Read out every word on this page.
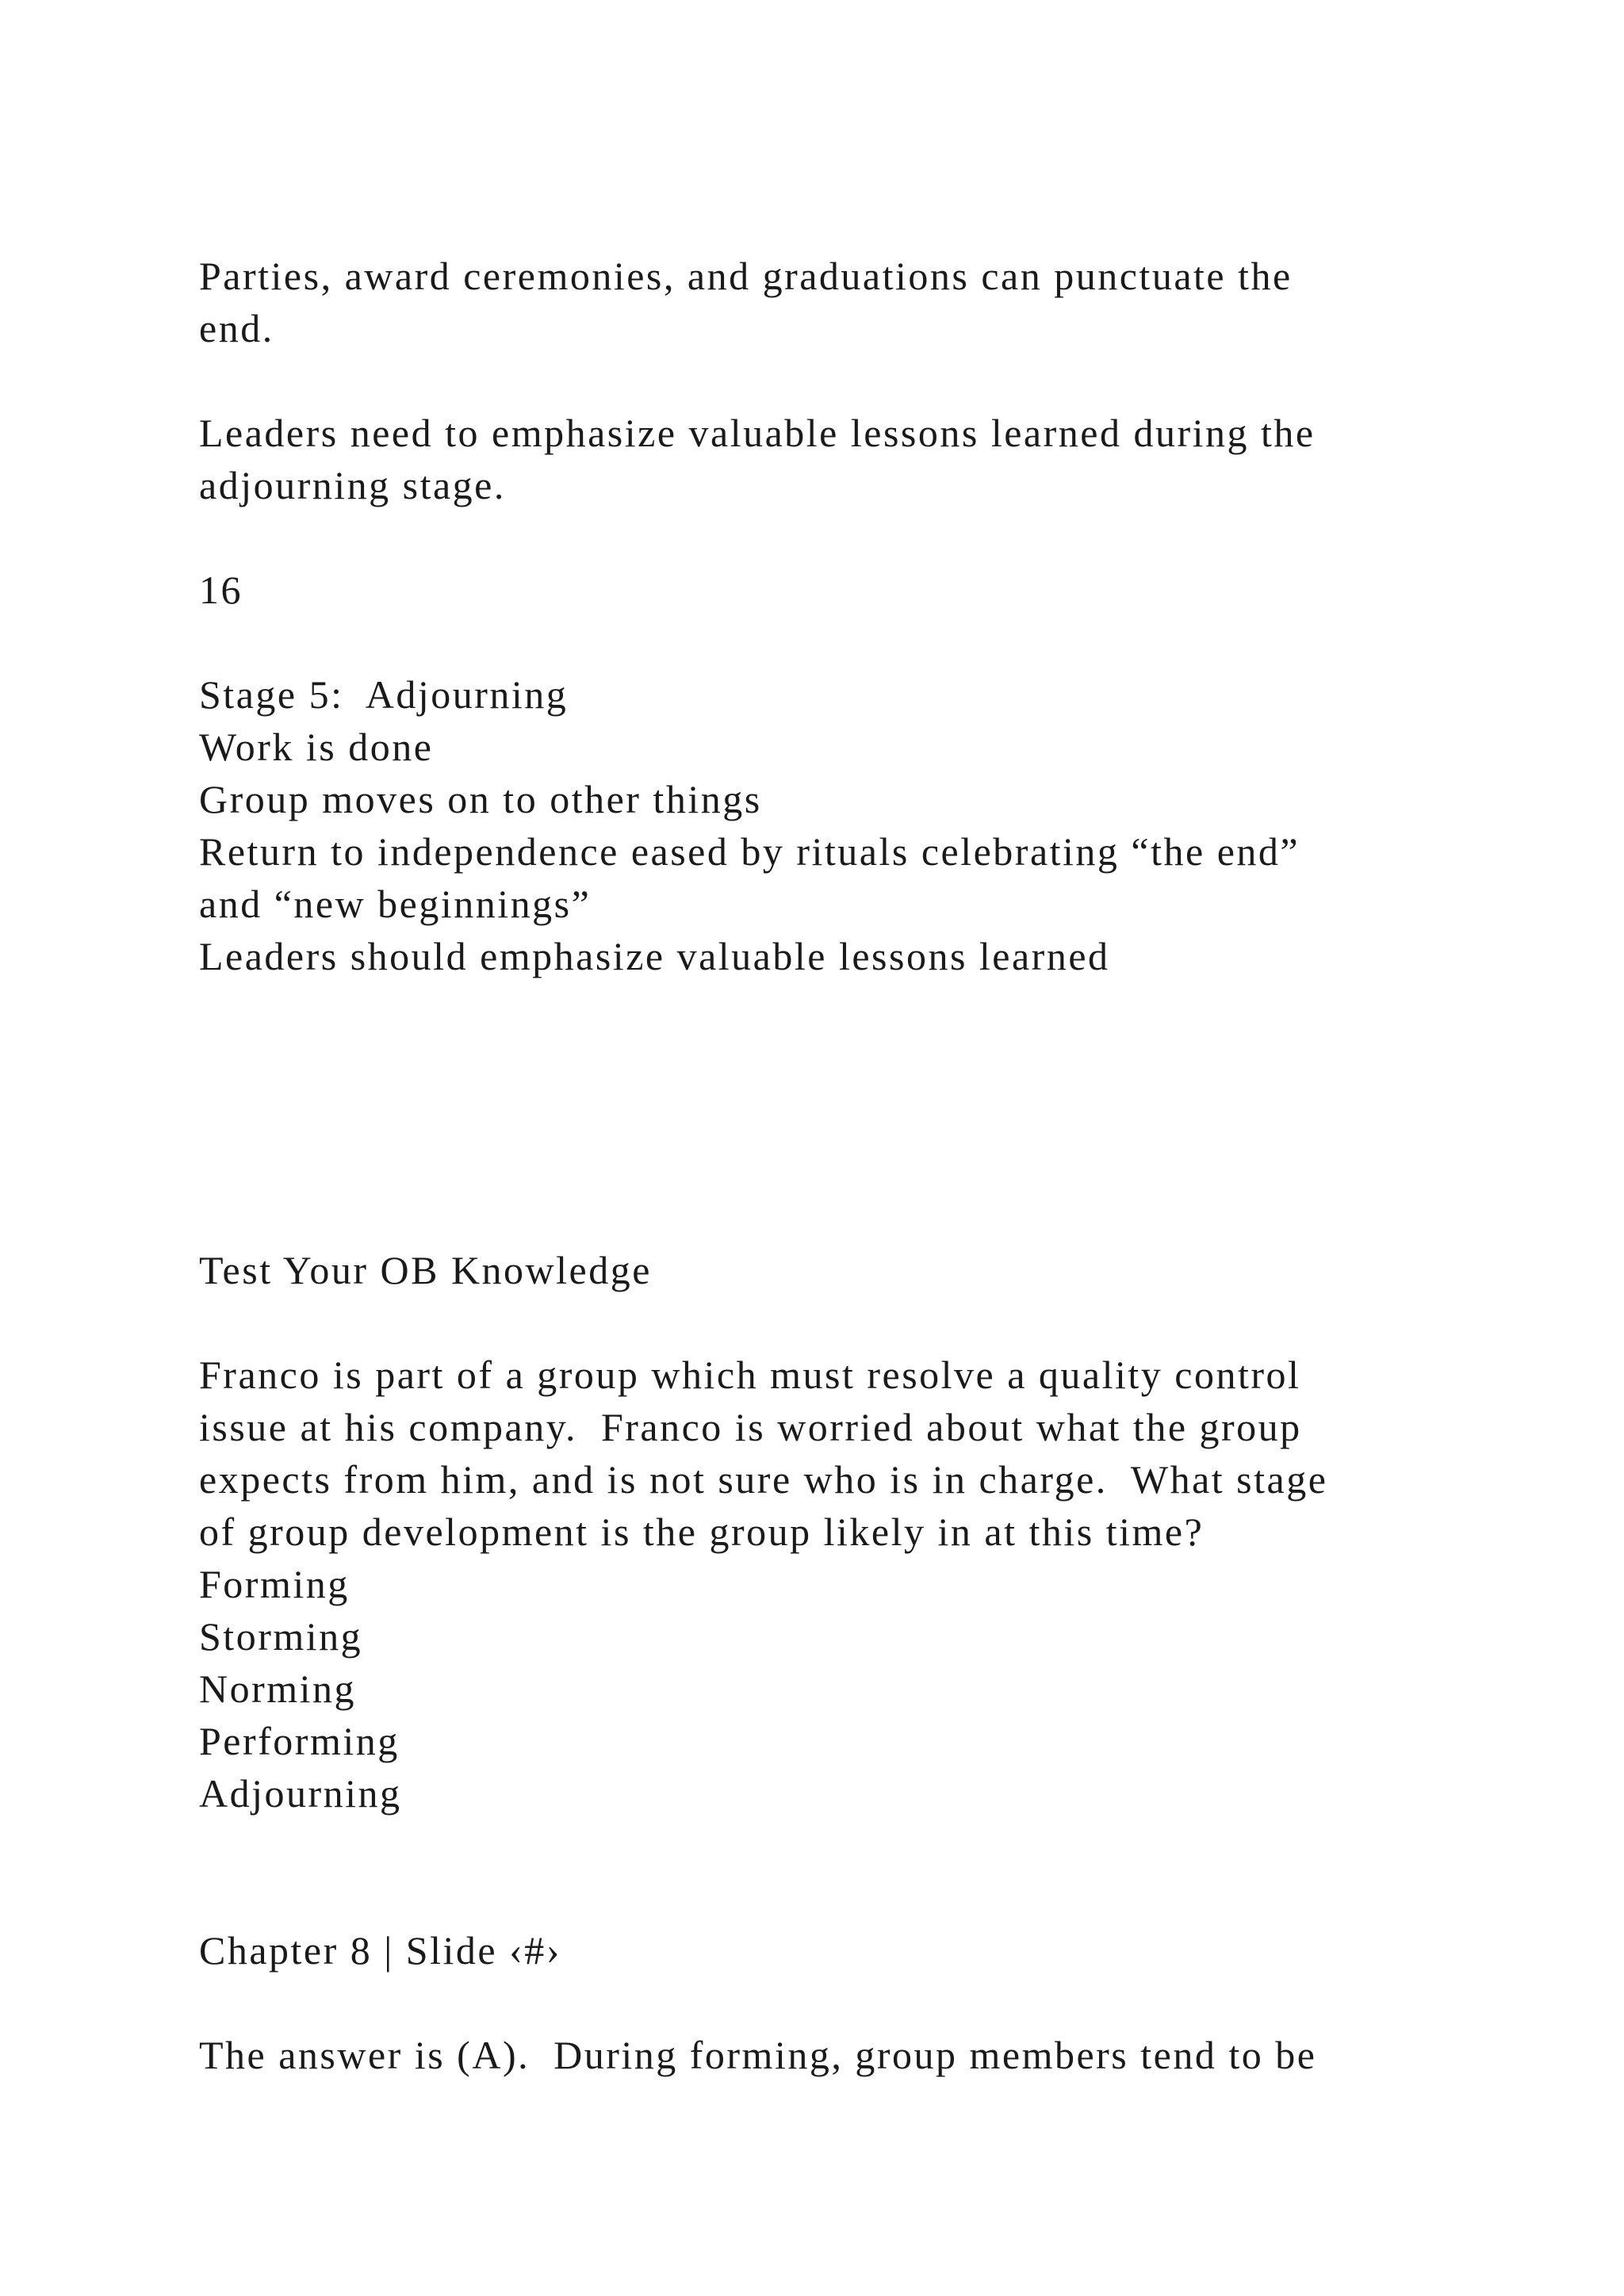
Parties, award ceremonies, and graduations can punctuate the

end.

Leaders need to emphasize valuable lessons learned during the

adjourning stage.

16

Stage 5:  Adjourning

Work is done

Group moves on to other things

Return to independence eased by rituals celebrating “the end”

and “new beginnings”

Leaders should emphasize valuable lessons learned

Test Your OB Knowledge

Franco is part of a group which must resolve a quality control

issue at his company.  Franco is worried about what the group

expects from him, and is not sure who is in charge.  What stage

of group development is the group likely in at this time?

Forming

Storming

Norming

Performing

Adjourning

Chapter 8 | Slide ‹#›

The answer is (A).  During forming, group members tend to be
